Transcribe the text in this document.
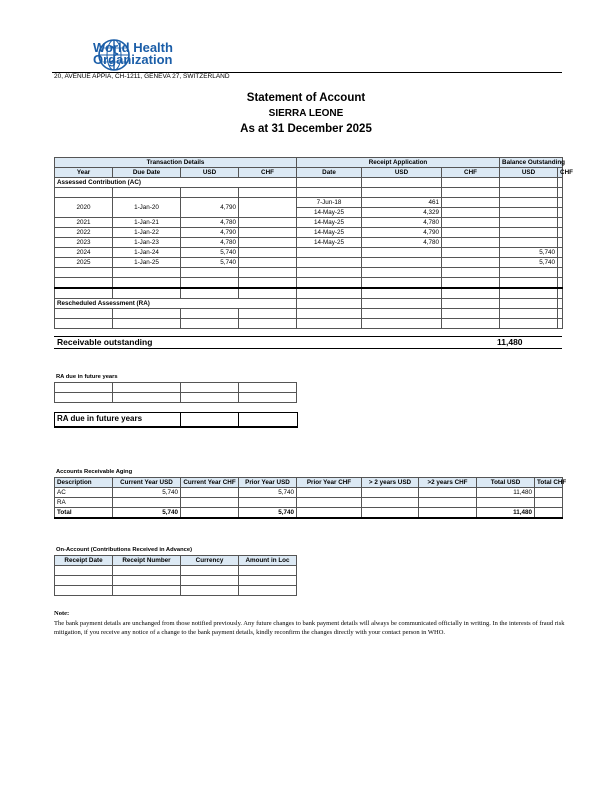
World Health
Organization
20, AVENUE APPIA, CH-1211, GENEVA 27, SWITZERLAND
Statement of Account
SIERRA LEONE
As at 31 December 2025
Transaction Details				Receipt Application			Balance Outstanding	
Year	Due Date	USD	CHF	Date	USD	CHF	USD	CHF
Assessed Contribution (AC)								

2020	1-Jan-20	4,790		7-Jun-18	461			
				14-May-25	4,329			
2021	1-Jan-21	4,780		14-May-25	4,780			
2022	1-Jan-22	4,790		14-May-25	4,790			
2023	1-Jan-23	4,780		14-May-25	4,780			
2024	1-Jan-24	5,740					5,740	
2025	1-Jan-25	5,740					5,740	

Rescheduled Assessment (RA)								

Receivable outstanding	11,480
RA due in future years

RA due in future years
Accounts Receivable Aging
Description	Current Year USD	Current Year CHF	Prior Year USD	Prior Year CHF	> 2 years USD	>2 years CHF	Total USD	Total CHF
AC	5,740		5,740				11,480	
RA								
Total	5,740		5,740				11,480	
On-Account (Contributions Received in Advance)
Receipt Date	Receipt Number	Currency	Amount in Loc

Note:
The bank payment details are unchanged from those notified previously. Any future changes to bank payment details will always be communicated officially in writing. In the interests of fraud risk mitigation, if you receive any notice of a change to the bank payment details, kindly reconfirm the changes directly with your contact person in WHO.
